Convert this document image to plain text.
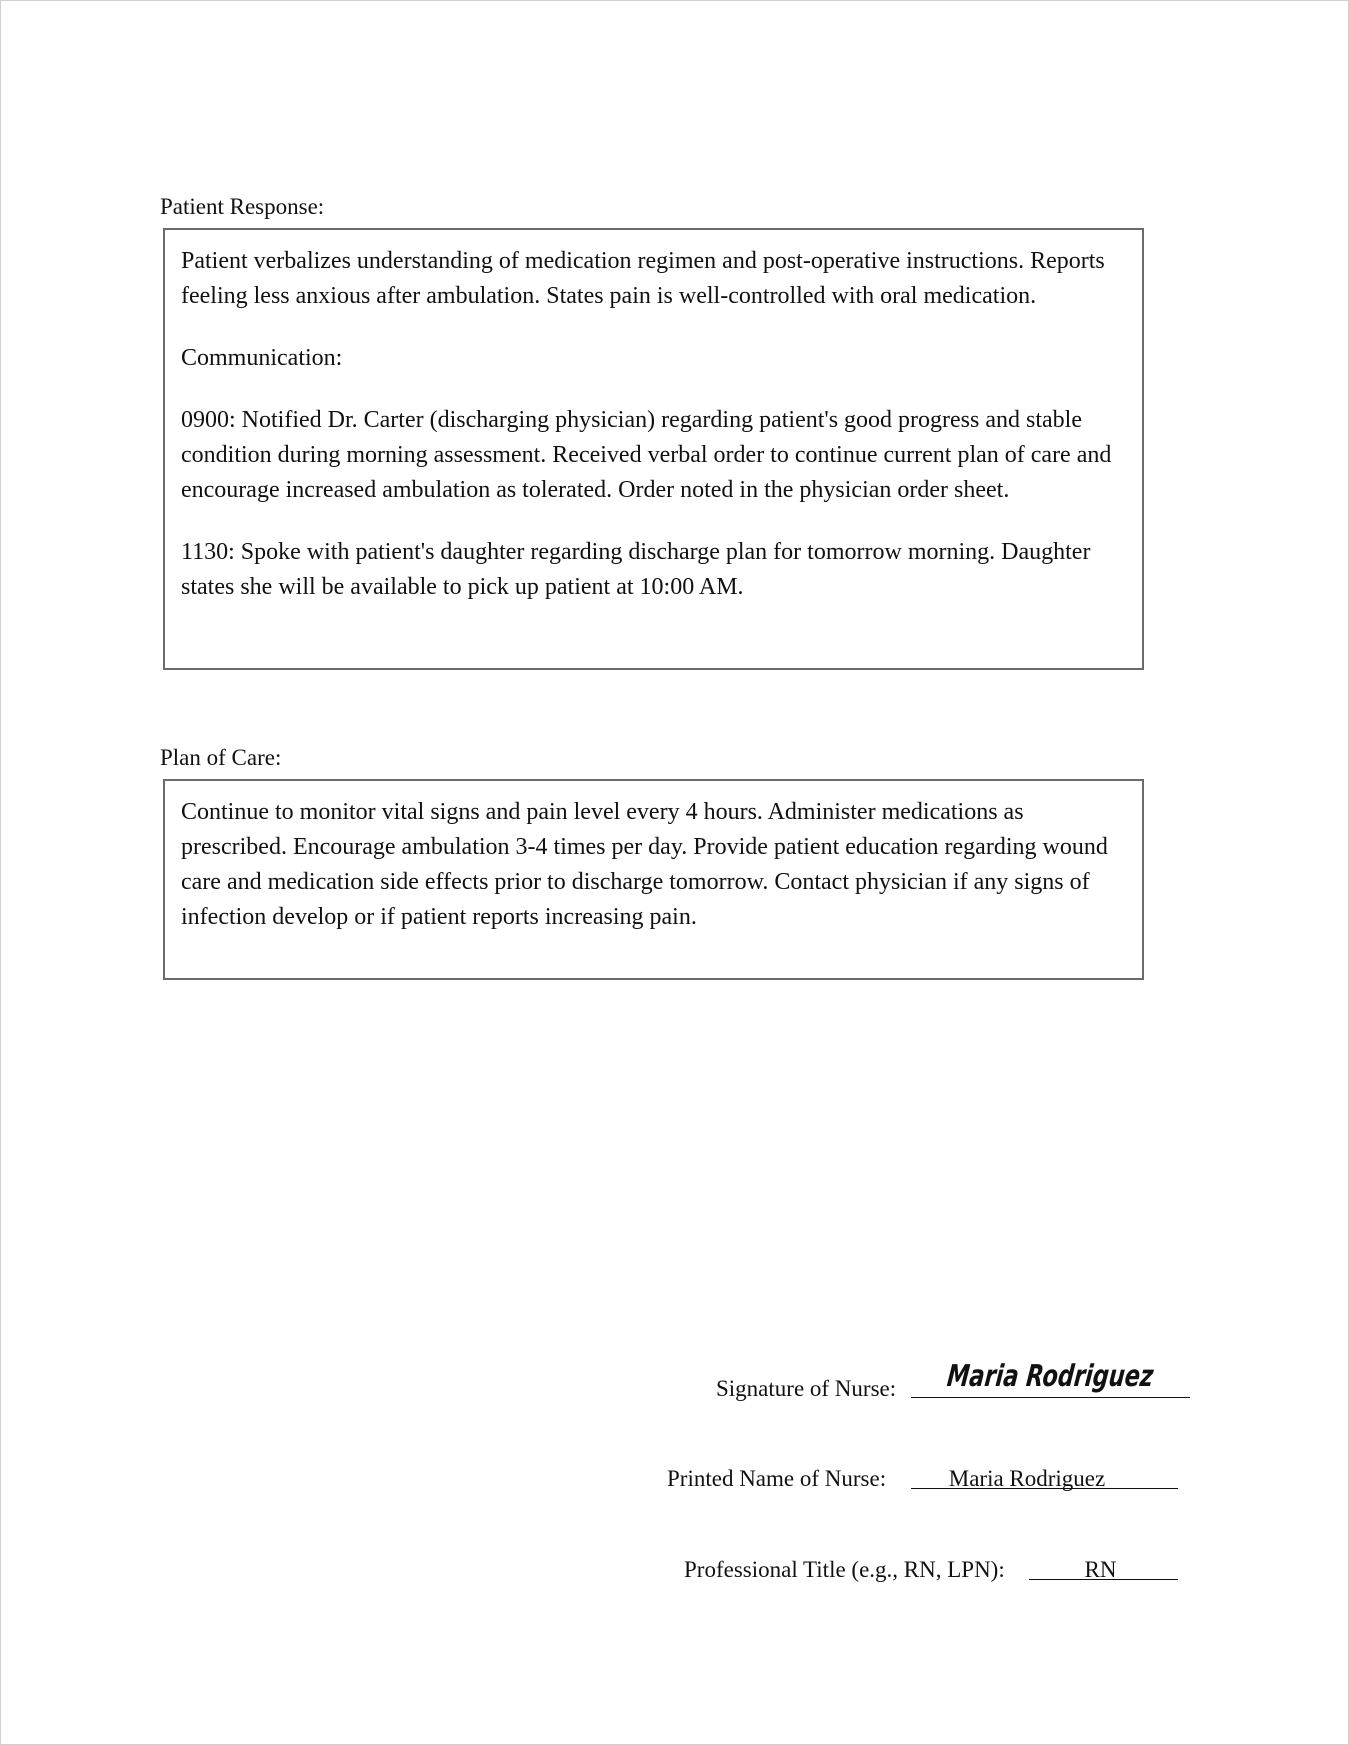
Patient Response:

Patient verbalizes understanding of medication regimen and post-operative instructions. Reports feeling less anxious after ambulation. States pain is well-controlled with oral medication.

Communication:

0900: Notified Dr. Carter (discharging physician) regarding patient's good progress and stable condition during morning assessment. Received verbal order to continue current plan of care and encourage increased ambulation as tolerated. Order noted in the physician order sheet.

1130: Spoke with patient's daughter regarding discharge plan for tomorrow morning. Daughter states she will be available to pick up patient at 10:00 AM.

Plan of Care:

Continue to monitor vital signs and pain level every 4 hours. Administer medications as prescribed. Encourage ambulation 3-4 times per day. Provide patient education regarding wound care and medication side effects prior to discharge tomorrow. Contact physician if any signs of infection develop or if patient reports increasing pain.

Signature of Nurse: Maria Rodriguez
Printed Name of Nurse:	Maria Rodriguez
Professional Title (e.g., RN, LPN):	RN
